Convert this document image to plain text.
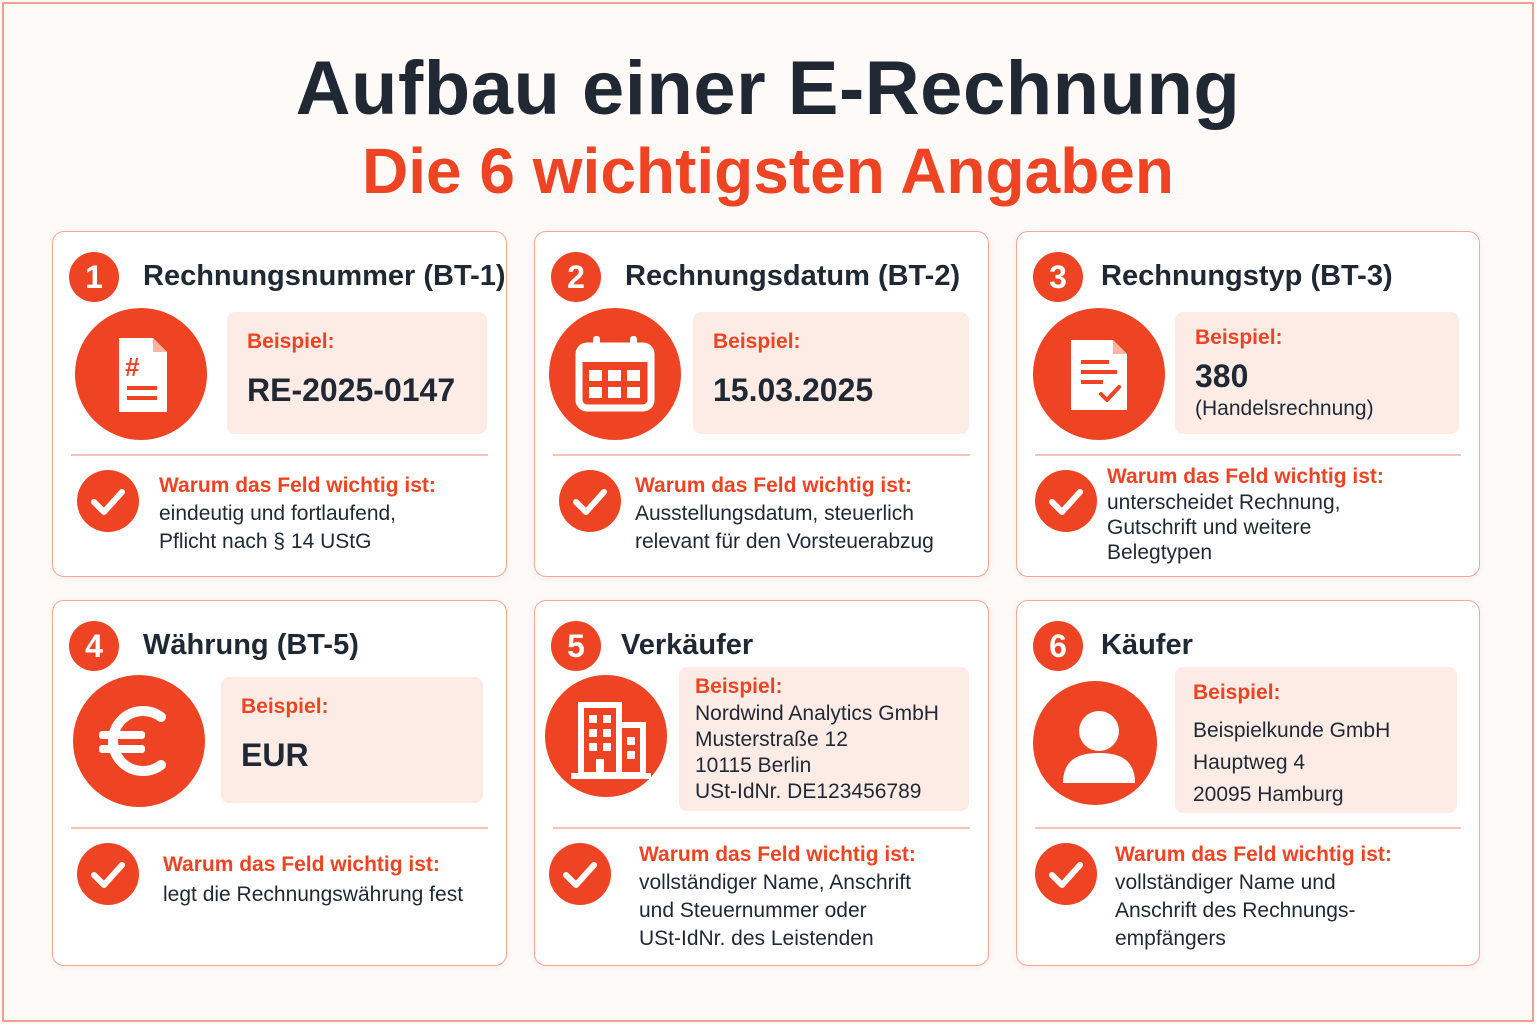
Aufbau einer E-Rechnung
Die 6 wichtigsten Angaben
1	Rechnungsnummer (BT-1)
#
Beispiel:
RE-2025-0147
Warum das Feld wichtig ist:
eindeutig und fortlaufend,
Pflicht nach § 14 UStG
2	Rechnungsdatum (BT-2)
Beispiel:
15.03.2025
Warum das Feld wichtig ist:
Ausstellungsdatum, steuerlich
relevant für den Vorsteuerabzug
3	Rechnungstyp (BT-3)
Beispiel:
380
(Handelsrechnung)
Warum das Feld wichtig ist:
unterscheidet Rechnung,
Gutschrift und weitere
Belegtypen
4	Währung (BT-5)
Beispiel:
EUR
Warum das Feld wichtig ist:
legt die Rechnungswährung fest
5	Verkäufer
Beispiel:
Nordwind Analytics GmbH
Musterstraße 12
10115 Berlin
USt-IdNr. DE123456789
Warum das Feld wichtig ist:
vollständiger Name, Anschrift
und Steuernummer oder
USt-IdNr. des Leistenden
6	Käufer
Beispiel:
Beispielkunde GmbH
Hauptweg 4
20095 Hamburg
Warum das Feld wichtig ist:
vollständiger Name und
Anschrift des Rechnungs-
empfängers
